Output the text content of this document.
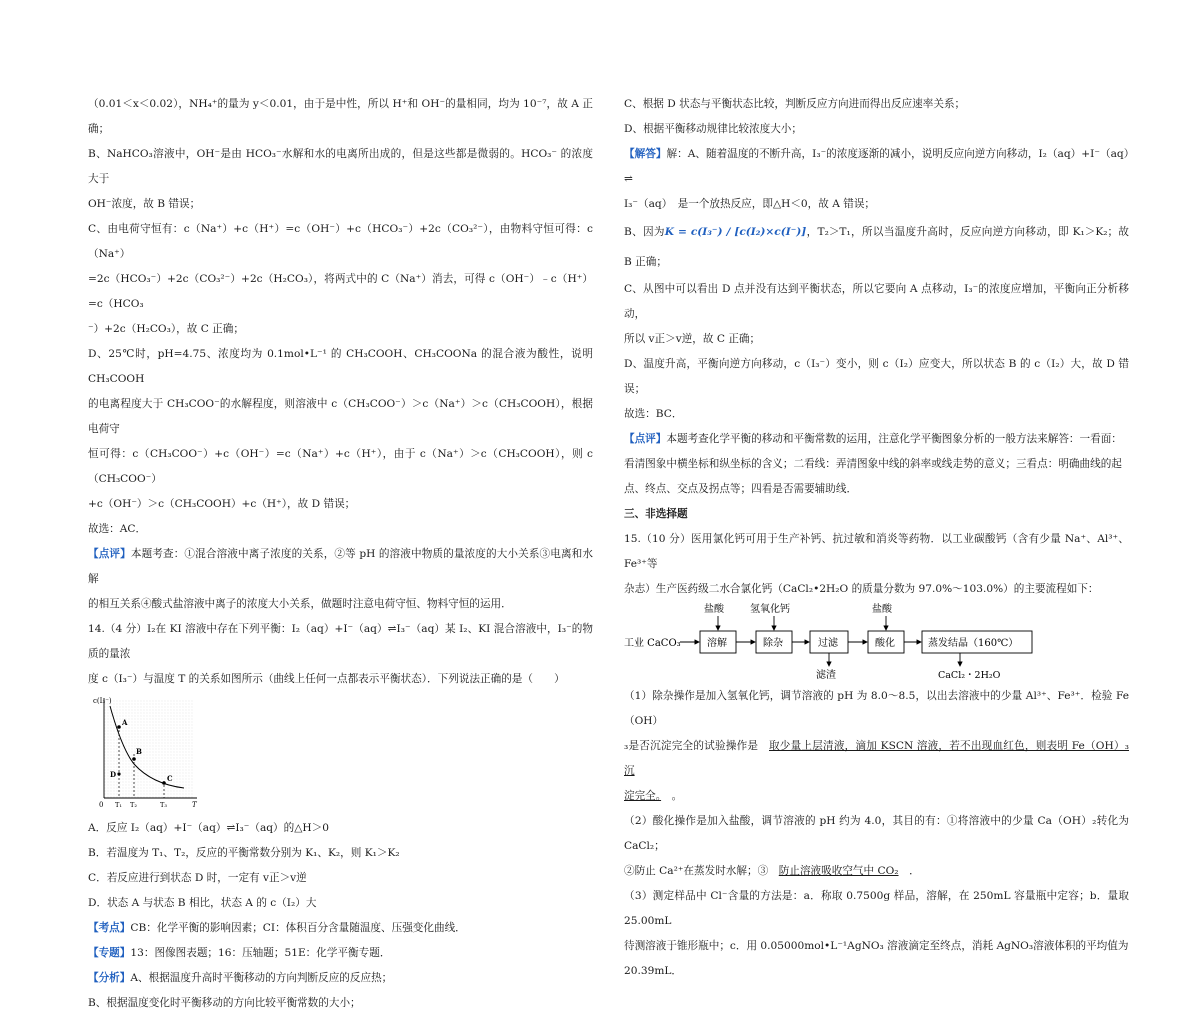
（0.01＜x＜0.02），NH₄⁺的量为 y＜0.01，由于是中性，所以 H⁺和 OH⁻的量相同，均为 10⁻⁷，故 A 正确；

B、NaHCO₃溶液中，OH⁻是由 HCO₃⁻水解和水的电离所出成的，但是这些都是微弱的。HCO₃⁻ 的浓度大于

OH⁻浓度，故 B 错误；

C、由电荷守恒有：c（Na⁺）+c（H⁺）=c（OH⁻）+c（HCO₃⁻）+2c（CO₃²⁻），由物料守恒可得：c（Na⁺）

=2c（HCO₃⁻）+2c（CO₃²⁻）+2c（H₂CO₃），将两式中的 C（Na⁺）消去，可得 c（OH⁻）﹣c（H⁺）=c（HCO₃

⁻）+2c（H₂CO₃），故 C 正确；

D、25℃时，pH=4.75、浓度均为 0.1mol•L⁻¹ 的 CH₃COOH、CH₃COONa 的混合液为酸性，说明 CH₃COOH

的电离程度大于 CH₃COO⁻的水解程度，则溶液中 c（CH₃COO⁻）＞c（Na⁺）＞c（CH₃COOH），根据电荷守

恒可得：c（CH₃COO⁻）+c（OH⁻）=c（Na⁺）+c（H⁺），由于 c（Na⁺）＞c（CH₃COOH），则 c（CH₃COO⁻）

+c（OH⁻）＞c（CH₃COOH）+c（H⁺），故 D 错误；

故选：AC．

【点评】本题考查：①混合溶液中离子浓度的关系，②等 pH 的溶液中物质的量浓度的大小关系③电离和水解

的相互关系④酸式盐溶液中离子的浓度大小关系，做题时注意电荷守恒、物料守恒的运用．

14.（4 分）I₂在 KI 溶液中存在下列平衡：I₂（aq）+I⁻（aq）⇌I₃⁻（aq）某 I₂、KI 混合溶液中，I₃⁻的物质的量浓

度 c（I₃⁻）与温度 T 的关系如图所示（曲线上任何一点都表示平衡状态）．下列说法正确的是（　　）

c(I₃⁻)
0	T
T₁ T₂	T₃
A
B
C
D

A．反应 I₂（aq）+I⁻（aq）⇌I₃⁻（aq）的△H＞0

B．若温度为 T₁、T₂，反应的平衡常数分别为 K₁、K₂，则 K₁＞K₂

C．若反应进行到状态 D 时，一定有 v正＞v逆

D．状态 A 与状态 B 相比，状态 A 的 c（I₂）大

【考点】CB：化学平衡的影响因素；CI：体积百分含量随温度、压强变化曲线．

【专题】13：图像图表题；16：压轴题；51E：化学平衡专题．

【分析】A、根据温度升高时平衡移动的方向判断反应的反应热；

B、根据温度变化时平衡移动的方向比较平衡常数的大小；

C、根据 D 状态与平衡状态比较，判断反应方向进而得出反应速率关系；

D、根据平衡移动规律比较浓度大小；

【解答】解：A、随着温度的不断升高，I₃⁻的浓度逐渐的减小，说明反应向逆方向移动，I₂（aq）+I⁻（aq）⇌

I₃⁻（aq）　是一个放热反应，即△H＜0，故 A 错误；

B、因为K = c(I₃⁻) / [c(I₂)×c(I⁻)]，T₂＞T₁，所以当温度升高时，反应向逆方向移动，即 K₁＞K₂；故 B 正确；

C、从图中可以看出 D 点并没有达到平衡状态，所以它要向 A 点移动，I₃⁻的浓度应增加，平衡向正分析移动，

所以 v正＞v逆，故 C 正确；

D、温度升高，平衡向逆方向移动，c（I₃⁻）变小，则 c（I₂）应变大，所以状态 B 的 c（I₂）大，故 D 错误；

故选：BC．

【点评】本题考查化学平衡的移动和平衡常数的运用，注意化学平衡图象分析的一般方法来解答：一看面：

看清图象中横坐标和纵坐标的含义；二看线：弄清图象中线的斜率或线走势的意义；三看点：明确曲线的起

点、终点、交点及拐点等；四看是否需要辅助线．

三、非选择题

15.（10 分）医用氯化钙可用于生产补钙、抗过敏和消炎等药物．以工业碳酸钙（含有少量 Na⁺、Al³⁺、Fe³⁺等

杂志）生产医药级二水合氯化钙（CaCl₂•2H₂O 的质量分数为 97.0%～103.0%）的主要流程如下：

工业 CaCO₃	溶解	除杂	过滤	酸化	蒸发结晶（160℃）
盐酸	氢氧化钙	盐酸
滤渣	CaCl₂・2H₂O

（1）除杂操作是加入氢氧化钙，调节溶液的 pH 为 8.0～8.5，以出去溶液中的少量 Al³⁺、Fe³⁺．检验 Fe（OH）

₃是否沉淀完全的试验操作是　取少量上层清液，滴加 KSCN 溶液，若不出现血红色，则表明 Fe（OH）₃沉

淀完全。　。

（2）酸化操作是加入盐酸，调节溶液的 pH 约为 4.0，其目的有：①将溶液中的少量 Ca（OH）₂转化为 CaCl₂；

②防止 Ca²⁺在蒸发时水解；③　防止溶液吸收空气中 CO₂　．

（3）测定样品中 Cl⁻含量的方法是：a．称取 0.7500g 样品，溶解，在 250mL 容量瓶中定容；b．量取 25.00mL

待测溶液于锥形瓶中；c．用 0.05000mol•L⁻¹AgNO₃ 溶液滴定至终点，消耗 AgNO₃溶液体积的平均值为

20.39mL．
